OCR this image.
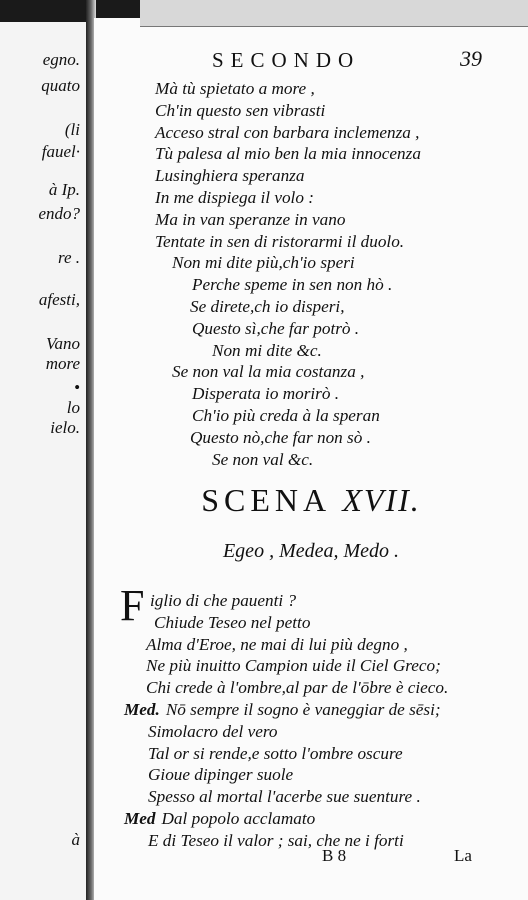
egno.
quato
(li
fauel·
à Ip.
endo?
re .
afesti,
Vano
more
•
lo
ielo.
à
SECONDO	39
Mà tù spietato a more ,
Ch'in questo sen vibrasti
Acceso stral con barbara inclemenza ,
Tù palesa al mio ben la mia innocenza
Lusinghiera speranza
In me dispiega il volo :
Ma in van speranze in vano
Tentate in sen di ristorarmi il duolo.
Non mi dite più,ch'io speri
Perche speme in sen non hò .
Se direte,ch io disperi,
Questo sì,che far potrò .
Non mi dite &c.
Se non val la mia costanza ,
Disperata io morirò .
Ch'io più creda à la speran
Questo nò,che far non sò .
Se non val &c.
SCENA XVII.
Egeo , Medea, Medo .
F iglio di che pauenti ?
Chiude Teseo nel petto
Alma d'Eroe, ne mai di lui più degno ,
Ne più inuitto Campion uide il Ciel Greco;
Chi crede à l'ombre,al par de l'ōbre è cieco.
Med. Nō sempre il sogno è vaneggiar de sēsi;
Simolacro del vero
Tal or si rende,e sotto l'ombre oscure
Gioue dipinger suole
Spesso al mortal l'acerbe sue suenture .
Med Dal popolo acclamato
E di Teseo il valor ; sai, che ne i forti
B 8	La
